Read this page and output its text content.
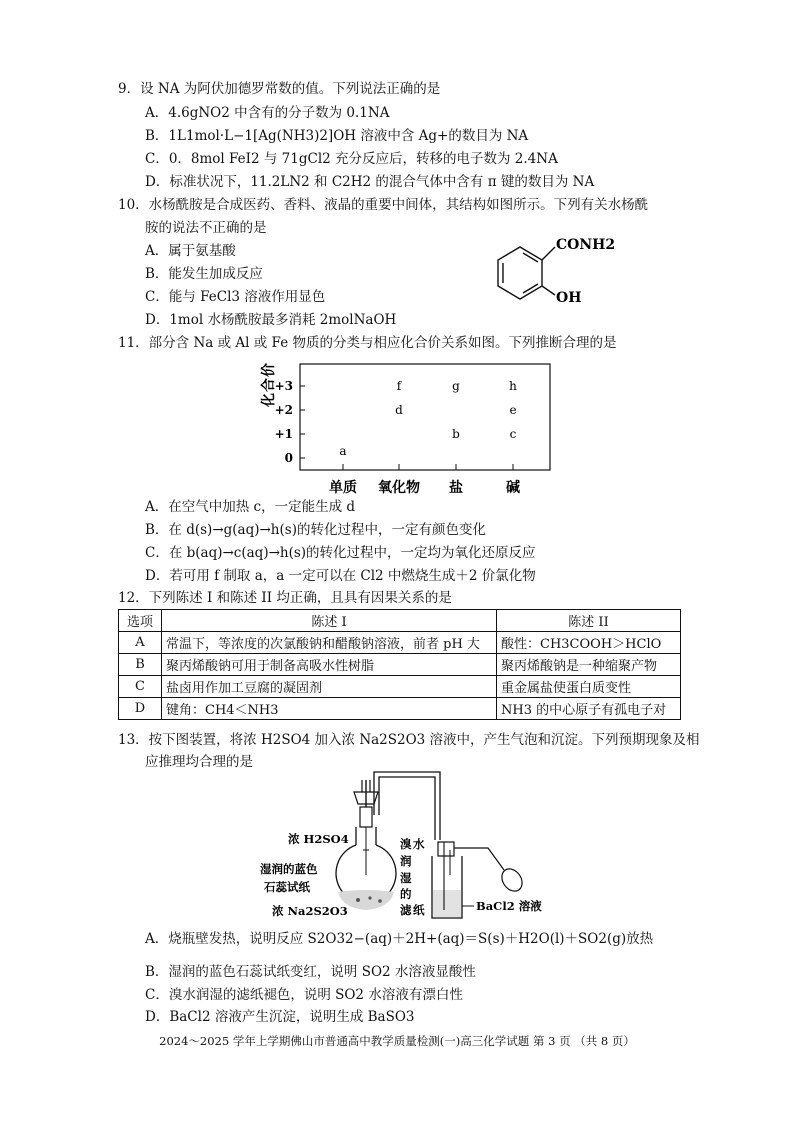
9．设 NA 为阿伏加德罗常数的值。下列说法正确的是
A．4.6gNO2 中含有的分子数为 0.1NA
B．1L1mol·L−1[Ag(NH3)2]OH 溶液中含 Ag+的数目为 NA
C．0．8mol FeI2 与 71gCl2 充分反应后，转移的电子数为 2.4NA
D．标准状况下，11.2LN2 和 C2H2 的混合气体中含有 π 键的数目为 NA
10．水杨酰胺是合成医药、香料、液晶的重要中间体，其结构如图所示。下列有关水杨酰
胺的说法不正确的是
A．属于氨基酸
B．能发生加成反应
C．能与 FeCl3 溶液作用显色
D．1mol 水杨酰胺最多消耗 2molNaOH
CONH2
OH
11．部分含 Na 或 Al 或 Fe 物质的分类与相应化合价关系如图。下列推断合理的是
+3
+2
+1
0
单质 氧化物 盐	碱
a
f
d
g
b
h
e
c
化
合
价
A．在空气中加热 c，一定能生成 d
B．在 d(s)→g(aq)→h(s)的转化过程中，一定有颜色变化
C．在 b(aq)→c(aq)→h(s)的转化过程中，一定均为氧化还原反应
D．若可用 f 制取 a，a 一定可以在 Cl2 中燃烧生成＋2 价氯化物
12．下列陈述 I 和陈述 II 均正确，且具有因果关系的是
选项	陈述 I	陈述 II
A	常温下，等浓度的次氯酸钠和醋酸钠溶液，前者 pH 大	酸性：CH3COOH＞HClO
B	聚丙烯酸钠可用于制备高吸水性树脂	聚丙烯酸钠是一种缩聚产物
C	盐卤用作加工豆腐的凝固剂	重金属盐使蛋白质变性
D	键角：CH4＜NH3	NH3 的中心原子有孤电子对
13．按下图装置，将浓 H2SO4 加入浓 Na2S2O3 溶液中，产生气泡和沉淀。下列预期现象及相
应推理均合理的是
浓 H2SO4
湿润的蓝色
石蕊试纸
浓 Na2S2O3
溴 水
润
湿
的
滤 纸	BaCl2 溶液
A．烧瓶壁发热，说明反应 S2O32−(aq)＋2H+(aq)＝S(s)＋H2O(l)＋SO2(g)放热
B．湿润的蓝色石蕊试纸变红，说明 SO2 水溶液显酸性
C．溴水润湿的滤纸褪色，说明 SO2 水溶液有漂白性
D．BaCl2 溶液产生沉淀，说明生成 BaSO3
2024～2025 学年上学期佛山市普通高中教学质量检测(一)高三化学试题 第 3 页 （共 8 页）
